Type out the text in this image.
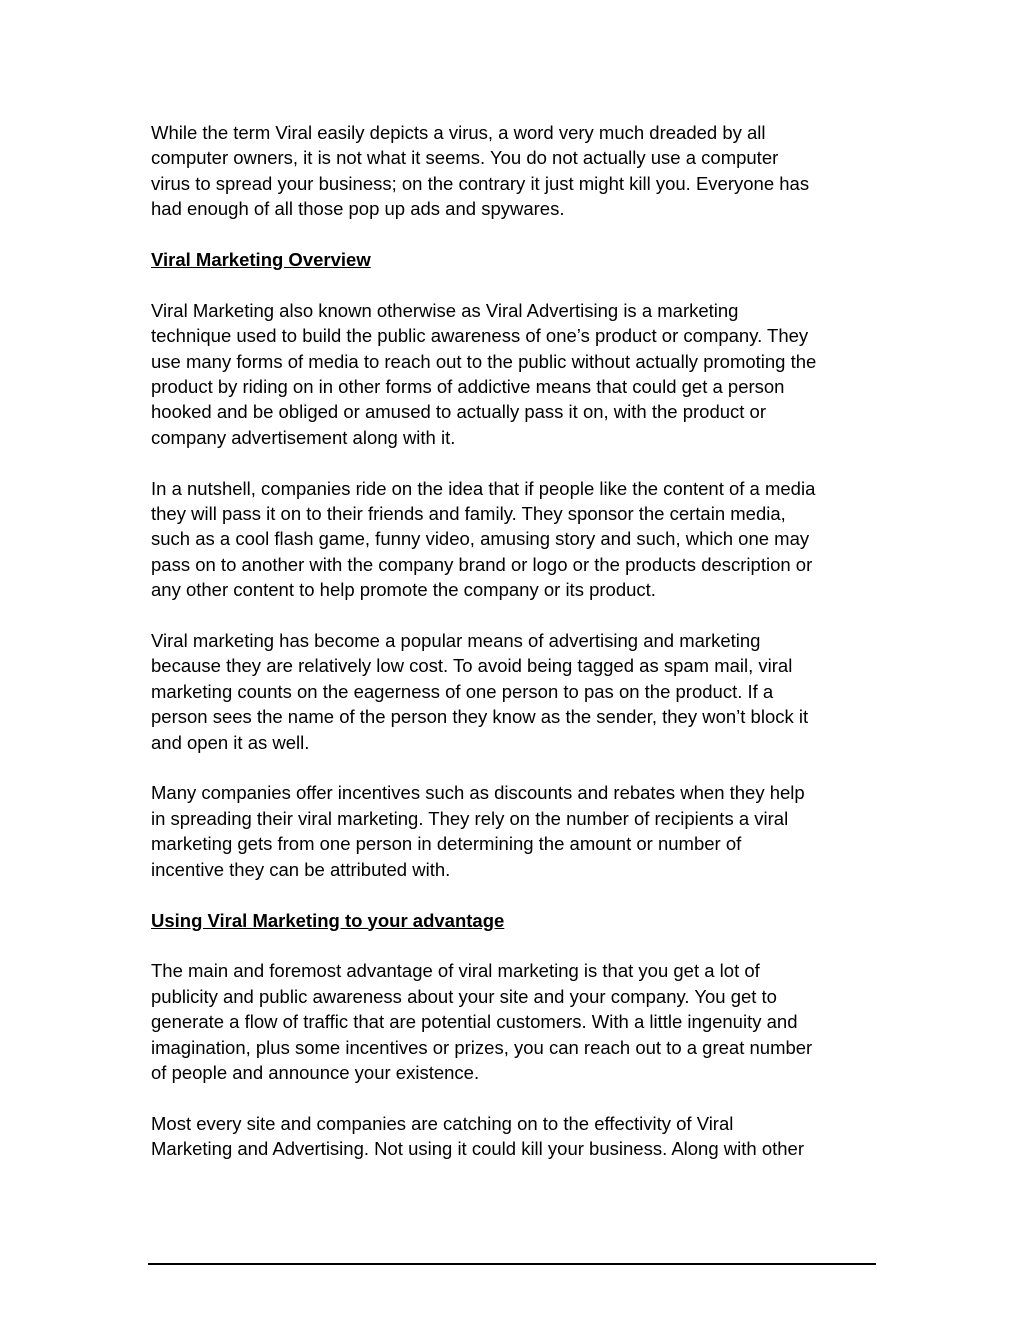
While the term Viral easily depicts a virus, a word very much dreaded by all
computer owners, it is not what it seems. You do not actually use a computer
virus to spread your business; on the contrary it just might kill you. Everyone has
had enough of all those pop up ads and spywares.

Viral Marketing Overview

Viral Marketing also known otherwise as Viral Advertising is a marketing
technique used to build the public awareness of one’s product or company. They
use many forms of media to reach out to the public without actually promoting the
product by riding on in other forms of addictive means that could get a person
hooked and be obliged or amused to actually pass it on, with the product or
company advertisement along with it.

In a nutshell, companies ride on the idea that if people like the content of a media
they will pass it on to their friends and family. They sponsor the certain media,
such as a cool flash game, funny video, amusing story and such, which one may
pass on to another with the company brand or logo or the products description or
any other content to help promote the company or its product.

Viral marketing has become a popular means of advertising and marketing
because they are relatively low cost. To avoid being tagged as spam mail, viral
marketing counts on the eagerness of one person to pas on the product. If a
person sees the name of the person they know as the sender, they won’t block it
and open it as well.

Many companies offer incentives such as discounts and rebates when they help
in spreading their viral marketing. They rely on the number of recipients a viral
marketing gets from one person in determining the amount or number of
incentive they can be attributed with.

Using Viral Marketing to your advantage

The main and foremost advantage of viral marketing is that you get a lot of
publicity and public awareness about your site and your company. You get to
generate a flow of traffic that are potential customers. With a little ingenuity and
imagination, plus some incentives or prizes, you can reach out to a great number
of people and announce your existence.

Most every site and companies are catching on to the effectivity of Viral
Marketing and Advertising. Not using it could kill your business. Along with other
